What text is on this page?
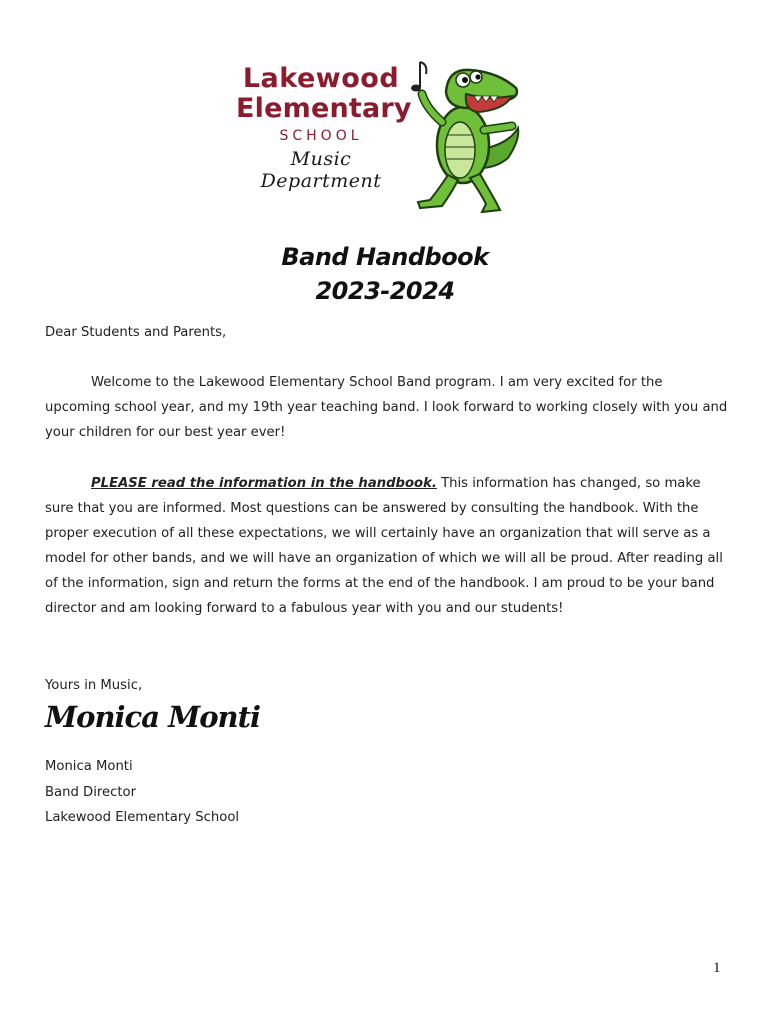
Lakewood
Elementary
SCHOOL
Music Department
Band Handbook
2023-2024
Dear Students and Parents,
Welcome to the Lakewood Elementary School Band program. I am very excited for the upcoming school year, and my 19th year teaching band. I look forward to working closely with you and your children for our best year ever!
PLEASE read the information in the handbook. This information has changed, so make sure that you are informed. Most questions can be answered by consulting the handbook. With the proper execution of all these expectations, we will certainly have an organization that will serve as a model for other bands, and we will have an organization of which we will all be proud. After reading all of the information, sign and return the forms at the end of the handbook. I am proud to be your band director and am looking forward to a fabulous year with you and our students!
Yours in Music,
Monica Monti
Monica Monti
Band Director
Lakewood Elementary School
1
